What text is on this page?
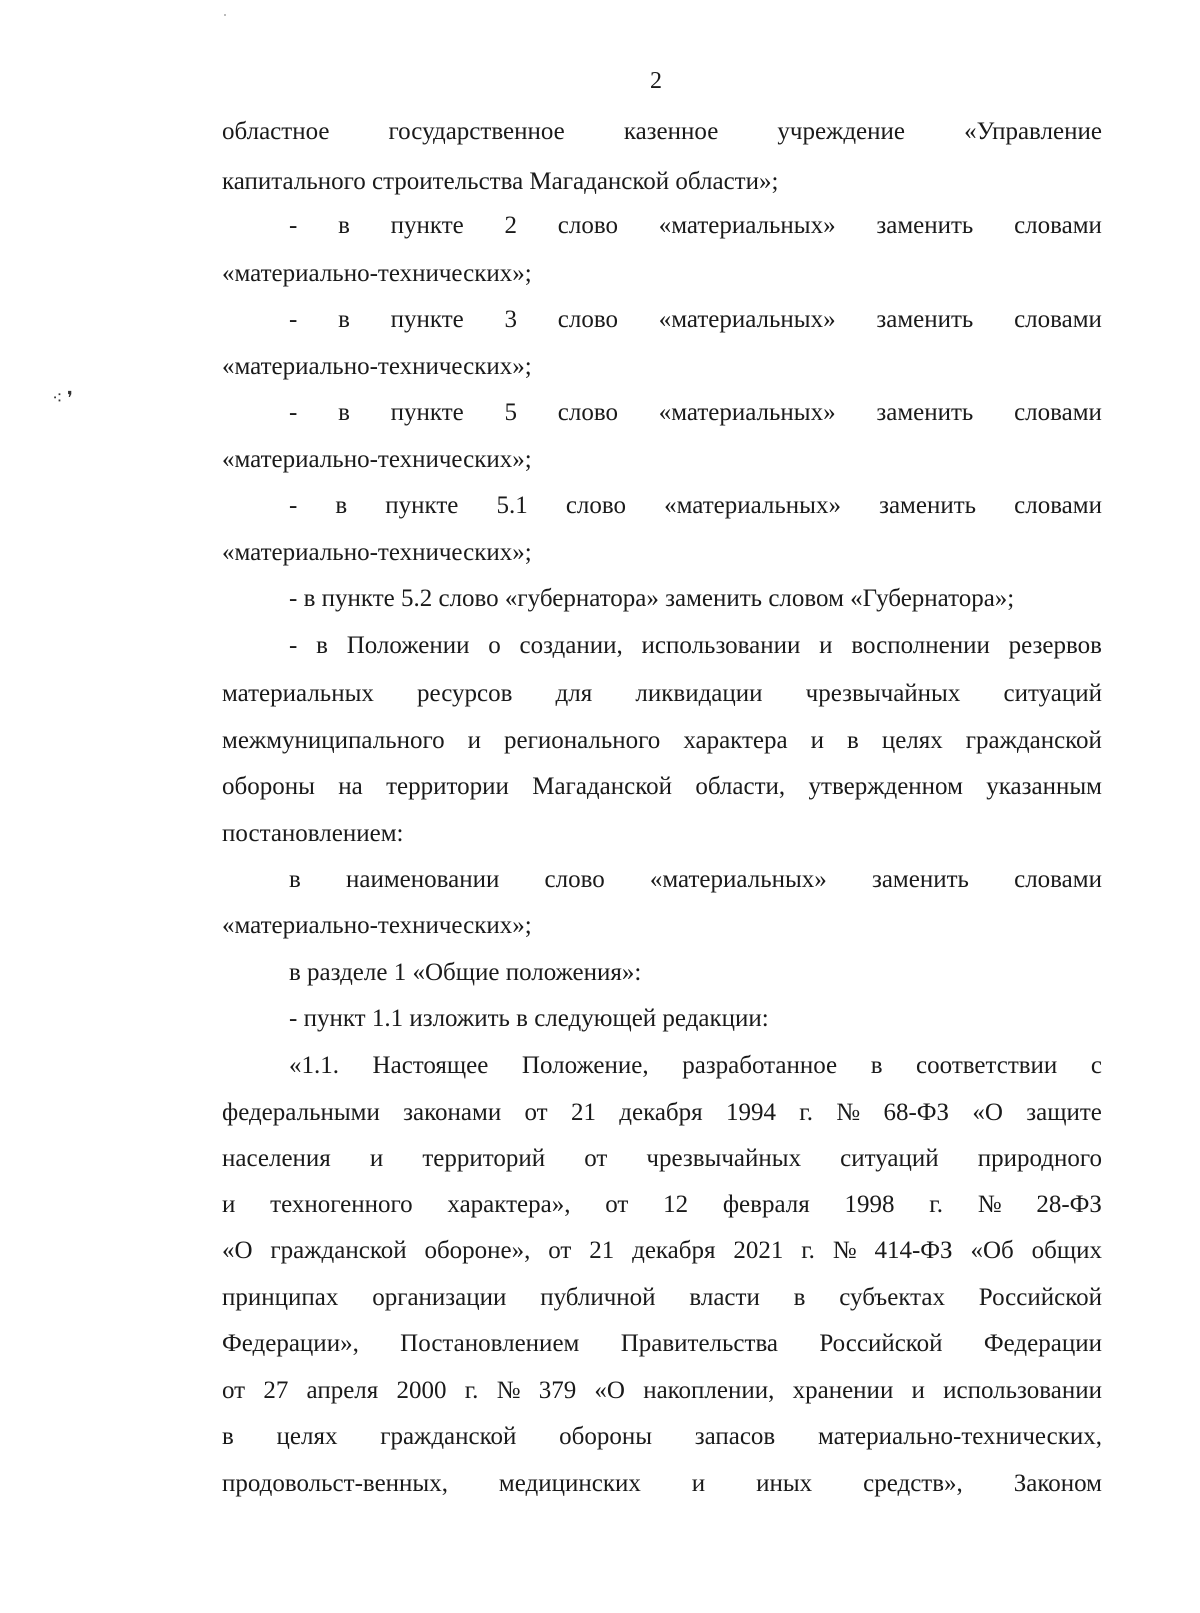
2
⁖ ❜
областное государственное казенное учреждение «Управление
капитального строительства Магаданской области»;
- в пункте 2 слово «материальных» заменить словами
«материально-технических»;
- в пункте 3 слово «материальных» заменить словами
«материально-технических»;
- в пункте 5 слово «материальных» заменить словами
«материально-технических»;
- в пункте 5.1 слово «материальных» заменить словами
«материально-технических»;
- в пункте 5.2 слово «губернатора» заменить словом «Губернатора»;
- в Положении о создании, использовании и восполнении резервов
материальных ресурсов для ликвидации чрезвычайных ситуаций
межмуниципального и регионального характера и в целях гражданской
обороны на территории Магаданской области, утвержденном указанным
постановлением:
в наименовании слово «материальных» заменить словами
«материально-технических»;
в разделе 1 «Общие положения»:
- пункт 1.1 изложить в следующей редакции:
«1.1. Настоящее Положение, разработанное в соответствии с
федеральными законами от 21 декабря 1994 г. № 68-ФЗ «О защите
населения и территорий от чрезвычайных ситуаций природного
и техногенного характера», от 12 февраля 1998 г. № 28-ФЗ
«О гражданской обороне», от 21 декабря 2021 г. № 414-ФЗ «Об общих
принципах организации публичной власти в субъектах Российской
Федерации», Постановлением Правительства Российской Федерации
от 27 апреля 2000 г. № 379 «О накоплении, хранении и использовании
в целях гражданской обороны запасов материально-технических,
продовольст-венных, медицинских и иных средств», Законом
